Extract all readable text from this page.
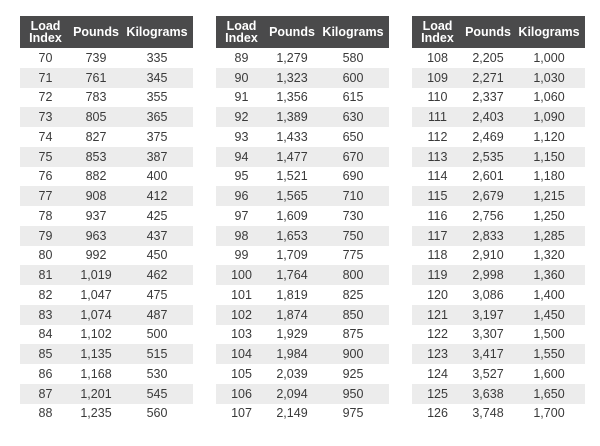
Load Index	Pounds	Kilograms
70	739	335
71	761	345
72	783	355
73	805	365
74	827	375
75	853	387
76	882	400
77	908	412
78	937	425
79	963	437
80	992	450
81	1,019	462
82	1,047	475
83	1,074	487
84	1,102	500
85	1,135	515
86	1,168	530
87	1,201	545
88	1,235	560
Load Index	Pounds	Kilograms
89	1,279	580
90	1,323	600
91	1,356	615
92	1,389	630
93	1,433	650
94	1,477	670
95	1,521	690
96	1,565	710
97	1,609	730
98	1,653	750
99	1,709	775
100	1,764	800
101	1,819	825
102	1,874	850
103	1,929	875
104	1,984	900
105	2,039	925
106	2,094	950
107	2,149	975
Load Index	Pounds	Kilograms
108	2,205	1,000
109	2,271	1,030
110	2,337	1,060
111	2,403	1,090
112	2,469	1,120
113	2,535	1,150
114	2,601	1,180
115	2,679	1,215
116	2,756	1,250
117	2,833	1,285
118	2,910	1,320
119	2,998	1,360
120	3,086	1,400
121	3,197	1,450
122	3,307	1,500
123	3,417	1,550
124	3,527	1,600
125	3,638	1,650
126	3,748	1,700
